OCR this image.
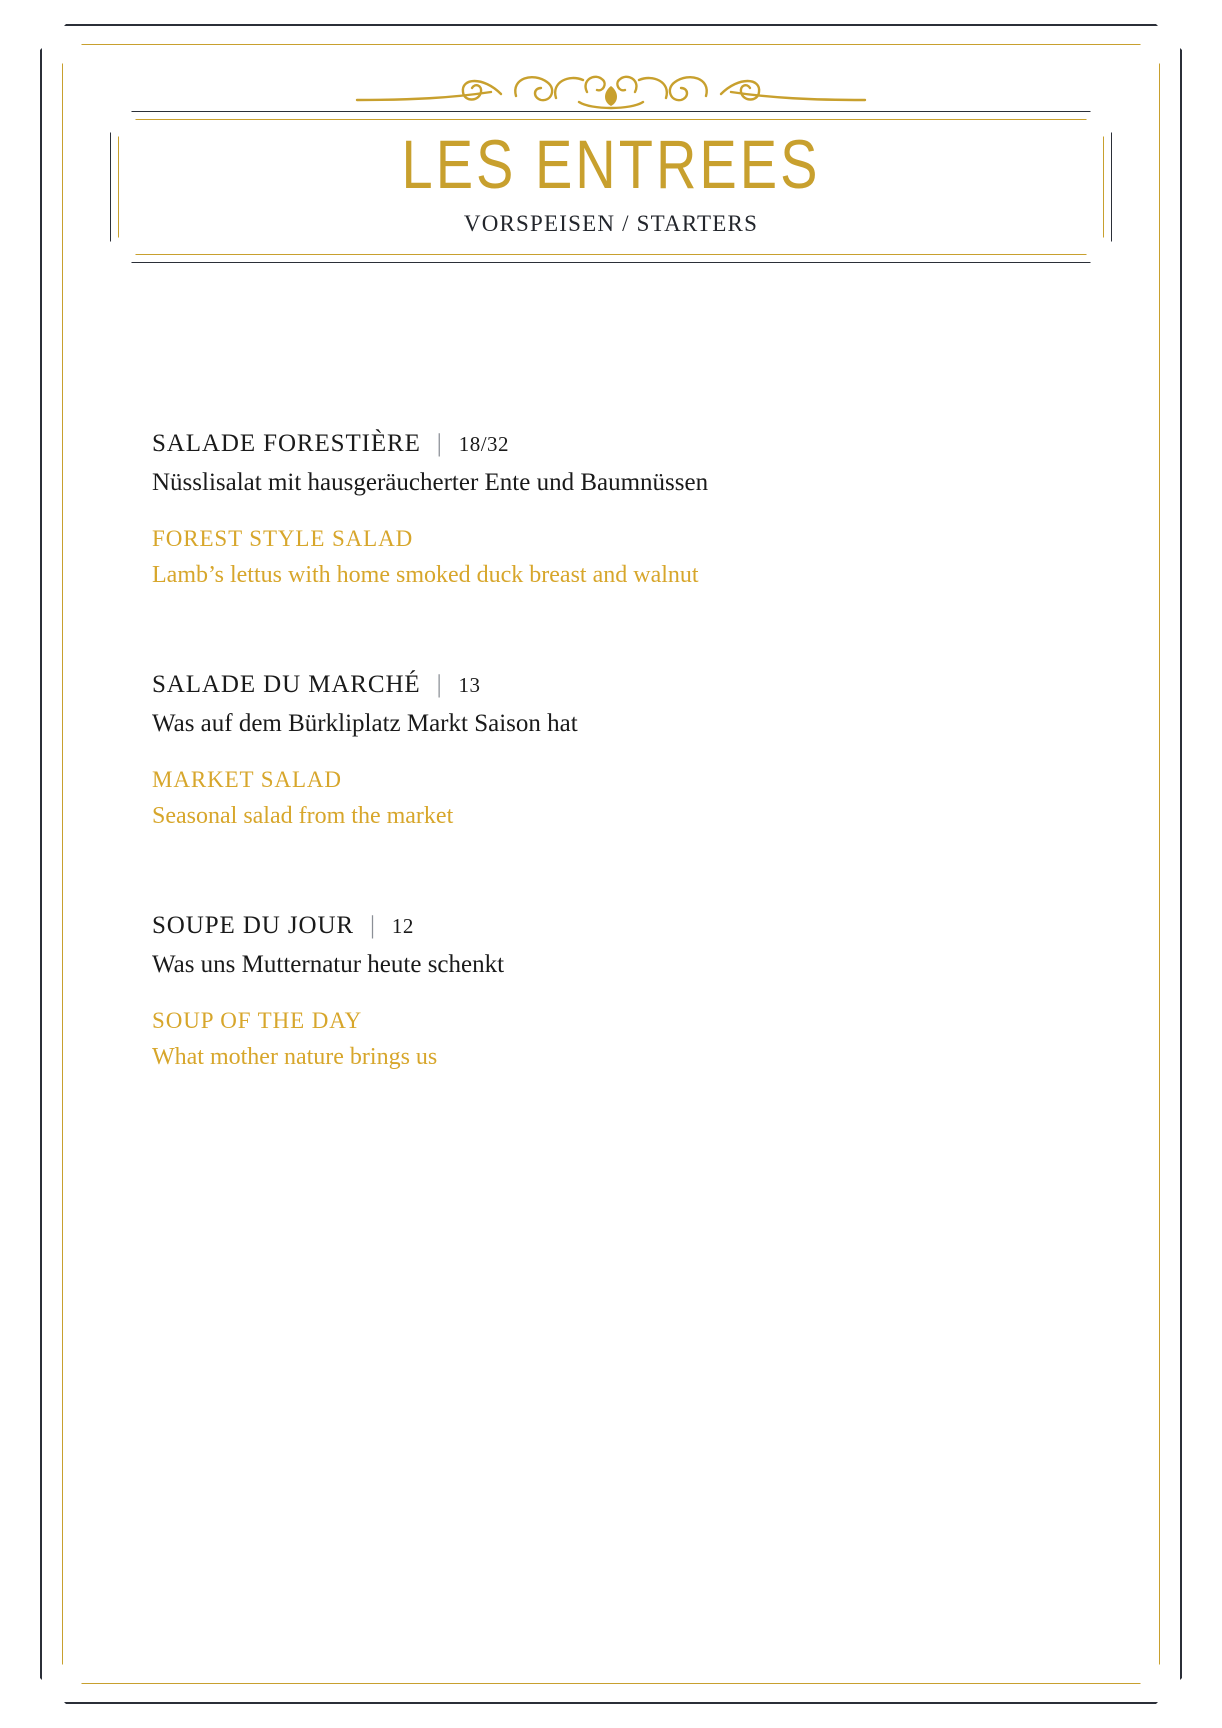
LES ENTREES
VORSPEISEN / STARTERS
SALADE FORESTIÈRE | 18/32
Nüsslisalat mit hausgeräucherter Ente und Baumnüssen
FOREST STYLE SALAD
Lamb’s lettus with home smoked duck breast and walnut
SALADE DU MARCHÉ | 13
Was auf dem Bürkliplatz Markt Saison hat
MARKET SALAD
Seasonal salad from the market
SOUPE DU JOUR | 12
Was uns Mutternatur heute schenkt
SOUP OF THE DAY
What mother nature brings us
